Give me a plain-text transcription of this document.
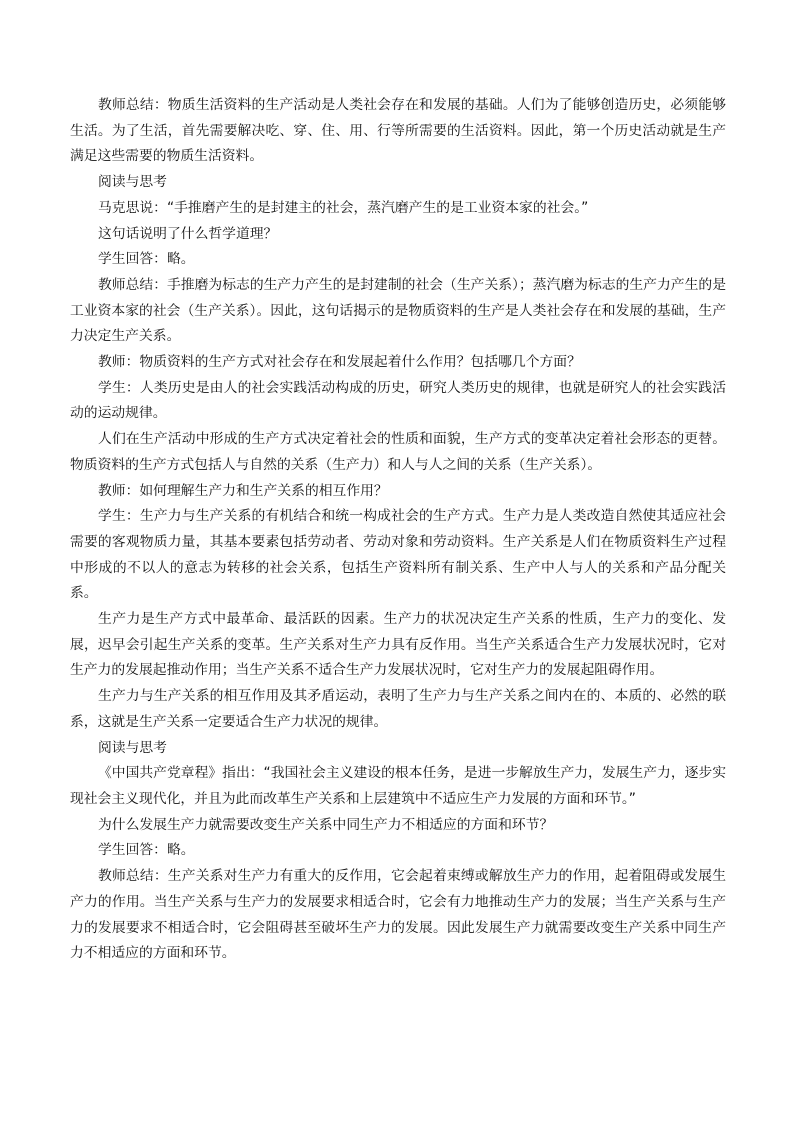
教师总结：物质生活资料的生产活动是人类社会存在和发展的基础。人们为了能够创造历史，必须能够生活。为了生活，首先需要解决吃、穿、住、用、行等所需要的生活资料。因此，第一个历史活动就是生产满足这些需要的物质生活资料。

阅读与思考

马克思说：“手推磨产生的是封建主的社会，蒸汽磨产生的是工业资本家的社会。”

这句话说明了什么哲学道理？

学生回答：略。

教师总结：手推磨为标志的生产力产生的是封建制的社会（生产关系）；蒸汽磨为标志的生产力产生的是工业资本家的社会（生产关系）。因此，这句话揭示的是物质资料的生产是人类社会存在和发展的基础，生产力决定生产关系。

教师：物质资料的生产方式对社会存在和发展起着什么作用？包括哪几个方面？

学生：人类历史是由人的社会实践活动构成的历史，研究人类历史的规律，也就是研究人的社会实践活动的运动规律。

人们在生产活动中形成的生产方式决定着社会的性质和面貌，生产方式的变革决定着社会形态的更替。物质资料的生产方式包括人与自然的关系（生产力）和人与人之间的关系（生产关系）。

教师：如何理解生产力和生产关系的相互作用？

学生：生产力与生产关系的有机结合和统一构成社会的生产方式。生产力是人类改造自然使其适应社会需要的客观物质力量，其基本要素包括劳动者、劳动对象和劳动资料。生产关系是人们在物质资料生产过程中形成的不以人的意志为转移的社会关系，包括生产资料所有制关系、生产中人与人的关系和产品分配关系。

生产力是生产方式中最革命、最活跃的因素。生产力的状况决定生产关系的性质，生产力的变化、发展，迟早会引起生产关系的变革。生产关系对生产力具有反作用。当生产关系适合生产力发展状况时，它对生产力的发展起推动作用；当生产关系不适合生产力发展状况时，它对生产力的发展起阻碍作用。

生产力与生产关系的相互作用及其矛盾运动，表明了生产力与生产关系之间内在的、本质的、必然的联系，这就是生产关系一定要适合生产力状况的规律。

阅读与思考

《中国共产党章程》指出：“我国社会主义建设的根本任务，是进一步解放生产力，发展生产力，逐步实现社会主义现代化，并且为此而改革生产关系和上层建筑中不适应生产力发展的方面和环节。”

为什么发展生产力就需要改变生产关系中同生产力不相适应的方面和环节？

学生回答：略。

教师总结：生产关系对生产力有重大的反作用，它会起着束缚或解放生产力的作用，起着阻碍或发展生产力的作用。当生产关系与生产力的发展要求相适合时，它会有力地推动生产力的发展；当生产关系与生产力的发展要求不相适合时，它会阻碍甚至破坏生产力的发展。因此发展生产力就需要改变生产关系中同生产力不相适应的方面和环节。
